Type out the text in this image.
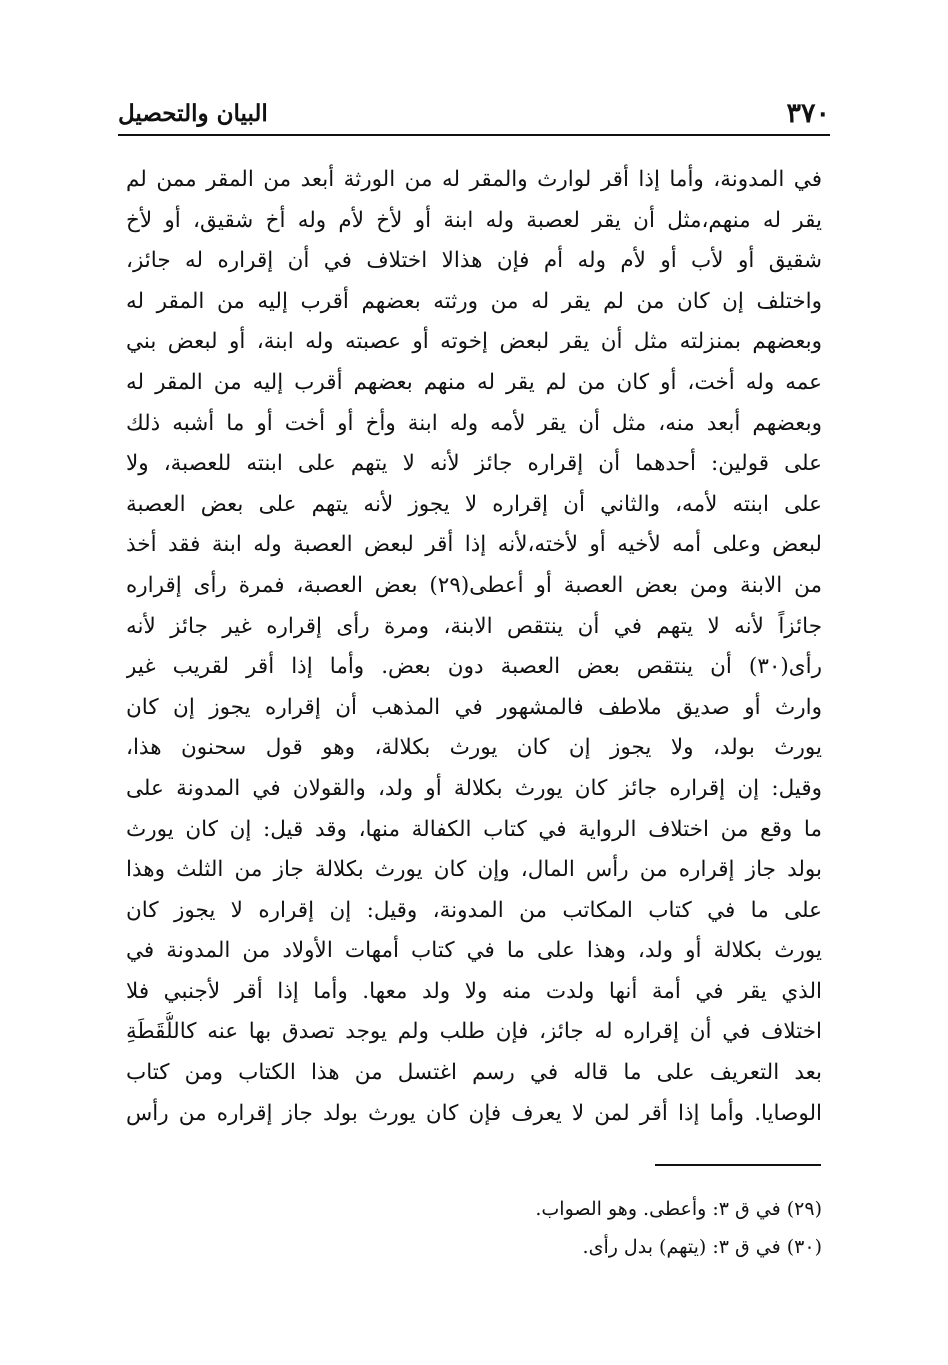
٣٧٠
البيان والتحصيل
في المدونة، وأما إذا أقر لوارث والمقر له من الورثة أبعد من المقر ممن لم
يقر له منهم،مثل أن يقر لعصبة وله ابنة أو لأخ لأم وله أخ شقيق، أو لأخ
شقيق أو لأب أو لأم وله أم فإن هذالا اختلاف في أن إقراره له جائز،
واختلف إن كان من لم يقر له من ورثته بعضهم أقرب إليه من المقر له
وبعضهم بمنزلته مثل أن يقر لبعض إخوته أو عصبته وله ابنة، أو لبعض بني
عمه وله أخت، أو كان من لم يقر له منهم بعضهم أقرب إليه من المقر له
وبعضهم أبعد منه، مثل أن يقر لأمه وله ابنة وأخ أو أخت أو ما أشبه ذلك
على قولين: أحدهما أن إقراره جائز لأنه لا يتهم على ابنته للعصبة، ولا
على ابنته لأمه، والثاني أن إقراره لا يجوز لأنه يتهم على بعض العصبة
لبعض وعلى أمه لأخيه أو لأخته،لأنه إذا أقر لبعض العصبة وله ابنة فقد أخذ
من الابنة ومن بعض العصبة أو أعطى(٢٩) بعض العصبة، فمرة رأى إقراره
جائزاً لأنه لا يتهم في أن ينتقص الابنة، ومرة رأى إقراره غير جائز لأنه
رأى(٣٠) أن ينتقص بعض العصبة دون بعض. وأما إذا أقر لقريب غير
وارث أو صديق ملاطف فالمشهور في المذهب أن إقراره يجوز إن كان
يورث بولد، ولا يجوز إن كان يورث بكلالة، وهو قول سحنون هذا،
وقيل: إن إقراره جائز كان يورث بكلالة أو ولد، والقولان في المدونة على
ما وقع من اختلاف الرواية في كتاب الكفالة منها، وقد قيل: إن كان يورث
بولد جاز إقراره من رأس المال، وإن كان يورث بكلالة جاز من الثلث وهذا
على ما في كتاب المكاتب من المدونة، وقيل: إن إقراره لا يجوز كان
يورث بكلالة أو ولد، وهذا على ما في كتاب أمهات الأولاد من المدونة في
الذي يقر في أمة أنها ولدت منه ولا ولد معها. وأما إذا أقر لأجنبي فلا
اختلاف في أن إقراره له جائز، فإن طلب ولم يوجد تصدق بها عنه كاللُّقَطَةِ
بعد التعريف على ما قاله في رسم اغتسل من هذا الكتاب ومن كتاب
الوصايا. وأما إذا أقر لمن لا يعرف فإن كان يورث بولد جاز إقراره من رأس
(٢٩) في ق ٣: وأعطى. وهو الصواب.
(٣٠) في ق ٣: (يتهم) بدل رأى.
